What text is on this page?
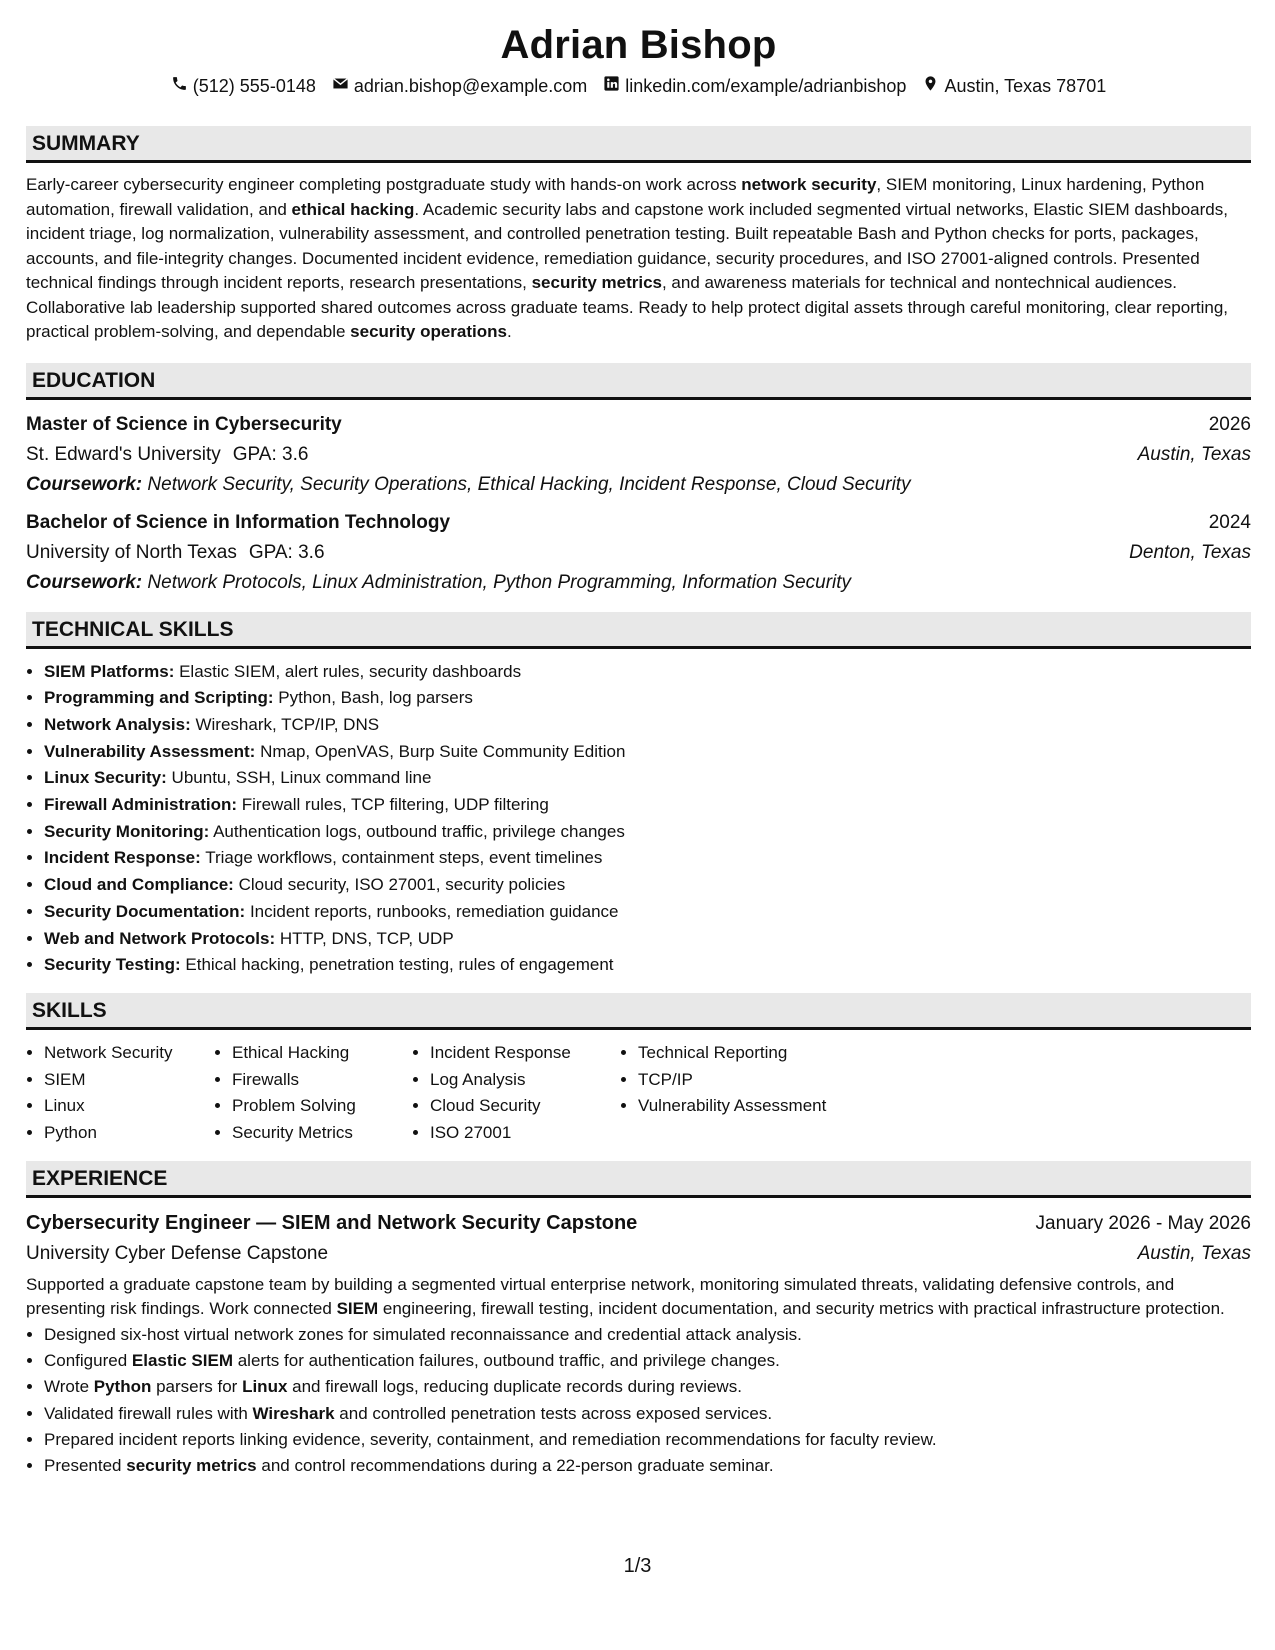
Adrian Bishop
(512) 555-0148 adrian.bishop@example.com linkedin.com/example/adrianbishop Austin, Texas 78701
SUMMARY

Early-career cybersecurity engineer completing postgraduate study with hands-on work across network security, SIEM monitoring, Linux hardening, Python automation, firewall validation, and ethical hacking. Academic security labs and capstone work included segmented virtual networks, Elastic SIEM dashboards, incident triage, log normalization, vulnerability assessment, and controlled penetration testing. Built repeatable Bash and Python checks for ports, packages, accounts, and file-integrity changes. Documented incident evidence, remediation guidance, security procedures, and ISO 27001-aligned controls. Presented technical findings through incident reports, research presentations, security metrics, and awareness materials for technical and nontechnical audiences. Collaborative lab leadership supported shared outcomes across graduate teams. Ready to help protect digital assets through careful monitoring, clear reporting, practical problem-solving, and dependable security operations.

EDUCATION
Master of Science in Cybersecurity	2026
St. Edward's University GPA: 3.6	Austin, Texas
Coursework: Network Security, Security Operations, Ethical Hacking, Incident Response, Cloud Security
Bachelor of Science in Information Technology	2024
University of North Texas GPA: 3.6	Denton, Texas
Coursework: Network Protocols, Linux Administration, Python Programming, Information Security
TECHNICAL SKILLS
• SIEM Platforms: Elastic SIEM, alert rules, security dashboards
• Programming and Scripting: Python, Bash, log parsers
• Network Analysis: Wireshark, TCP/IP, DNS
• Vulnerability Assessment: Nmap, OpenVAS, Burp Suite Community Edition
• Linux Security: Ubuntu, SSH, Linux command line
• Firewall Administration: Firewall rules, TCP filtering, UDP filtering
• Security Monitoring: Authentication logs, outbound traffic, privilege changes
• Incident Response: Triage workflows, containment steps, event timelines
• Cloud and Compliance: Cloud security, ISO 27001, security policies
• Security Documentation: Incident reports, runbooks, remediation guidance
• Web and Network Protocols: HTTP, DNS, TCP, UDP
• Security Testing: Ethical hacking, penetration testing, rules of engagement
SKILLS
• Network Security
• SIEM
• Linux
• Python
• Ethical Hacking
• Firewalls
• Problem Solving
• Security Metrics
• Incident Response
• Log Analysis
• Cloud Security
• ISO 27001
• Technical Reporting
• TCP/IP
• Vulnerability Assessment
EXPERIENCE
Cybersecurity Engineer — SIEM and Network Security Capstone	January 2026 - May 2026
University Cyber Defense Capstone	Austin, Texas

Supported a graduate capstone team by building a segmented virtual enterprise network, monitoring simulated threats, validating defensive controls, and presenting risk findings. Work connected SIEM engineering, firewall testing, incident documentation, and security metrics with practical infrastructure protection.

• Designed six-host virtual network zones for simulated reconnaissance and credential attack analysis.
• Configured Elastic SIEM alerts for authentication failures, outbound traffic, and privilege changes.
• Wrote Python parsers for Linux and firewall logs, reducing duplicate records during reviews.
• Validated firewall rules with Wireshark and controlled penetration tests across exposed services.
• Prepared incident reports linking evidence, severity, containment, and remediation recommendations for faculty review.
• Presented security metrics and control recommendations during a 22-person graduate seminar.
1/3
